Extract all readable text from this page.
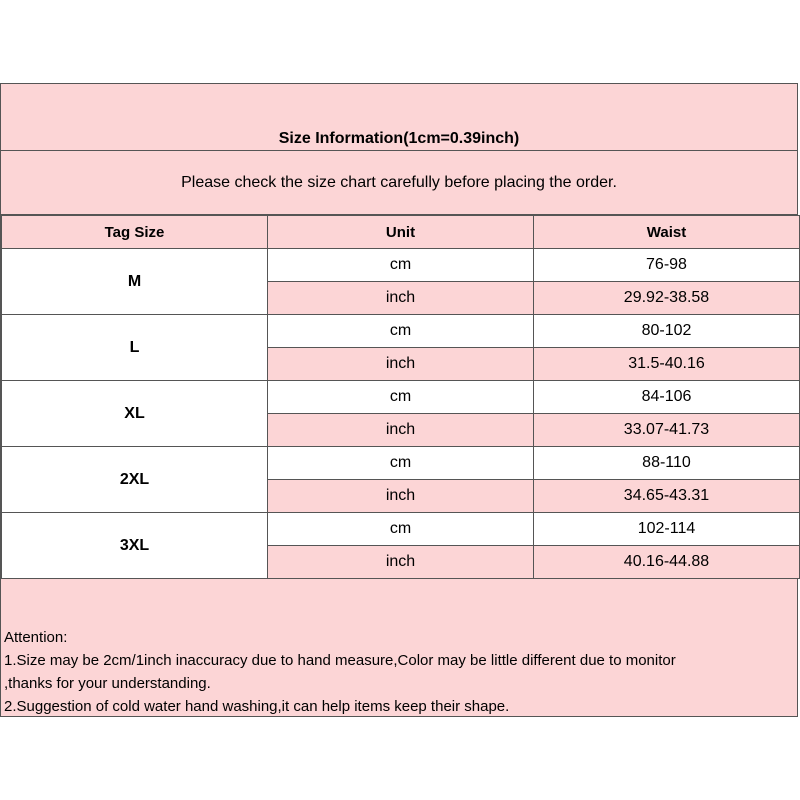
Size Information(1cm=0.39inch)
Please check the size chart carefully before placing the order.
Tag Size	Unit	Waist
M	cm	76-98
	inch	29.92-38.58
L	cm	80-102
	inch	31.5-40.16
XL	cm	84-106
	inch	33.07-41.73
2XL	cm	88-110
	inch	34.65-43.31
3XL	cm	102-114
	inch	40.16-44.88
Attention:
1.Size may be 2cm/1inch inaccuracy due to hand measure,Color may be little different due to monitor
,thanks for your understanding.
2.Suggestion of cold water hand washing,it can help items keep their shape.
